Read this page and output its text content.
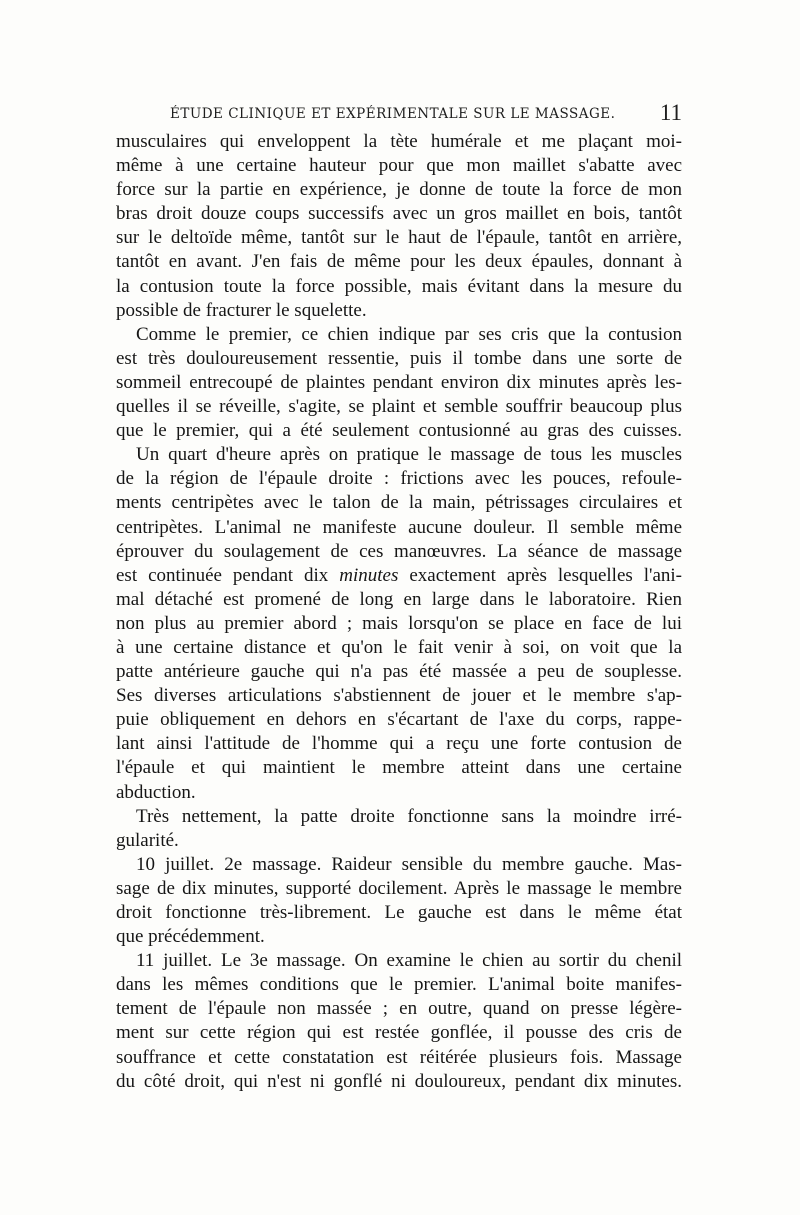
ÉTUDE CLINIQUE ET EXPÉRIMENTALE SUR LE MASSAGE. 11
musculaires qui enveloppent la tète humérale et me plaçant moi-
même à une certaine hauteur pour que mon maillet s'abatte avec
force sur la partie en expérience, je donne de toute la force de mon
bras droit douze coups successifs avec un gros maillet en bois, tantôt
sur le deltoïde même, tantôt sur le haut de l'épaule, tantôt en arrière,
tantôt en avant. J'en fais de même pour les deux épaules, donnant à
la contusion toute la force possible, mais évitant dans la mesure du
possible de fracturer le squelette.
Comme le premier, ce chien indique par ses cris que la contusion
est très douloureusement ressentie, puis il tombe dans une sorte de
sommeil entrecoupé de plaintes pendant environ dix minutes après les-
quelles il se réveille, s'agite, se plaint et semble souffrir beaucoup plus
que le premier, qui a été seulement contusionné au gras des cuisses.
Un quart d'heure après on pratique le massage de tous les muscles
de la région de l'épaule droite : frictions avec les pouces, refoule-
ments centripètes avec le talon de la main, pétrissages circulaires et
centripètes. L'animal ne manifeste aucune douleur. Il semble même
éprouver du soulagement de ces manœuvres. La séance de massage
est continuée pendant dix minutes exactement après lesquelles l'ani-
mal détaché est promené de long en large dans le laboratoire. Rien
non plus au premier abord ; mais lorsqu'on se place en face de lui
à une certaine distance et qu'on le fait venir à soi, on voit que la
patte antérieure gauche qui n'a pas été massée a peu de souplesse.
Ses diverses articulations s'abstiennent de jouer et le membre s'ap-
puie obliquement en dehors en s'écartant de l'axe du corps, rappe-
lant ainsi l'attitude de l'homme qui a reçu une forte contusion de
l'épaule et qui maintient le membre atteint dans une certaine
abduction.
Très nettement, la patte droite fonctionne sans la moindre irré-
gularité.
10 juillet. 2e massage. Raideur sensible du membre gauche. Mas-
sage de dix minutes, supporté docilement. Après le massage le membre
droit fonctionne très-librement. Le gauche est dans le même état
que précédemment.
11 juillet. Le 3e massage. On examine le chien au sortir du chenil
dans les mêmes conditions que le premier. L'animal boite manifes-
tement de l'épaule non massée ; en outre, quand on presse légère-
ment sur cette région qui est restée gonflée, il pousse des cris de
souffrance et cette constatation est réitérée plusieurs fois. Massage
du côté droit, qui n'est ni gonflé ni douloureux, pendant dix minutes.
